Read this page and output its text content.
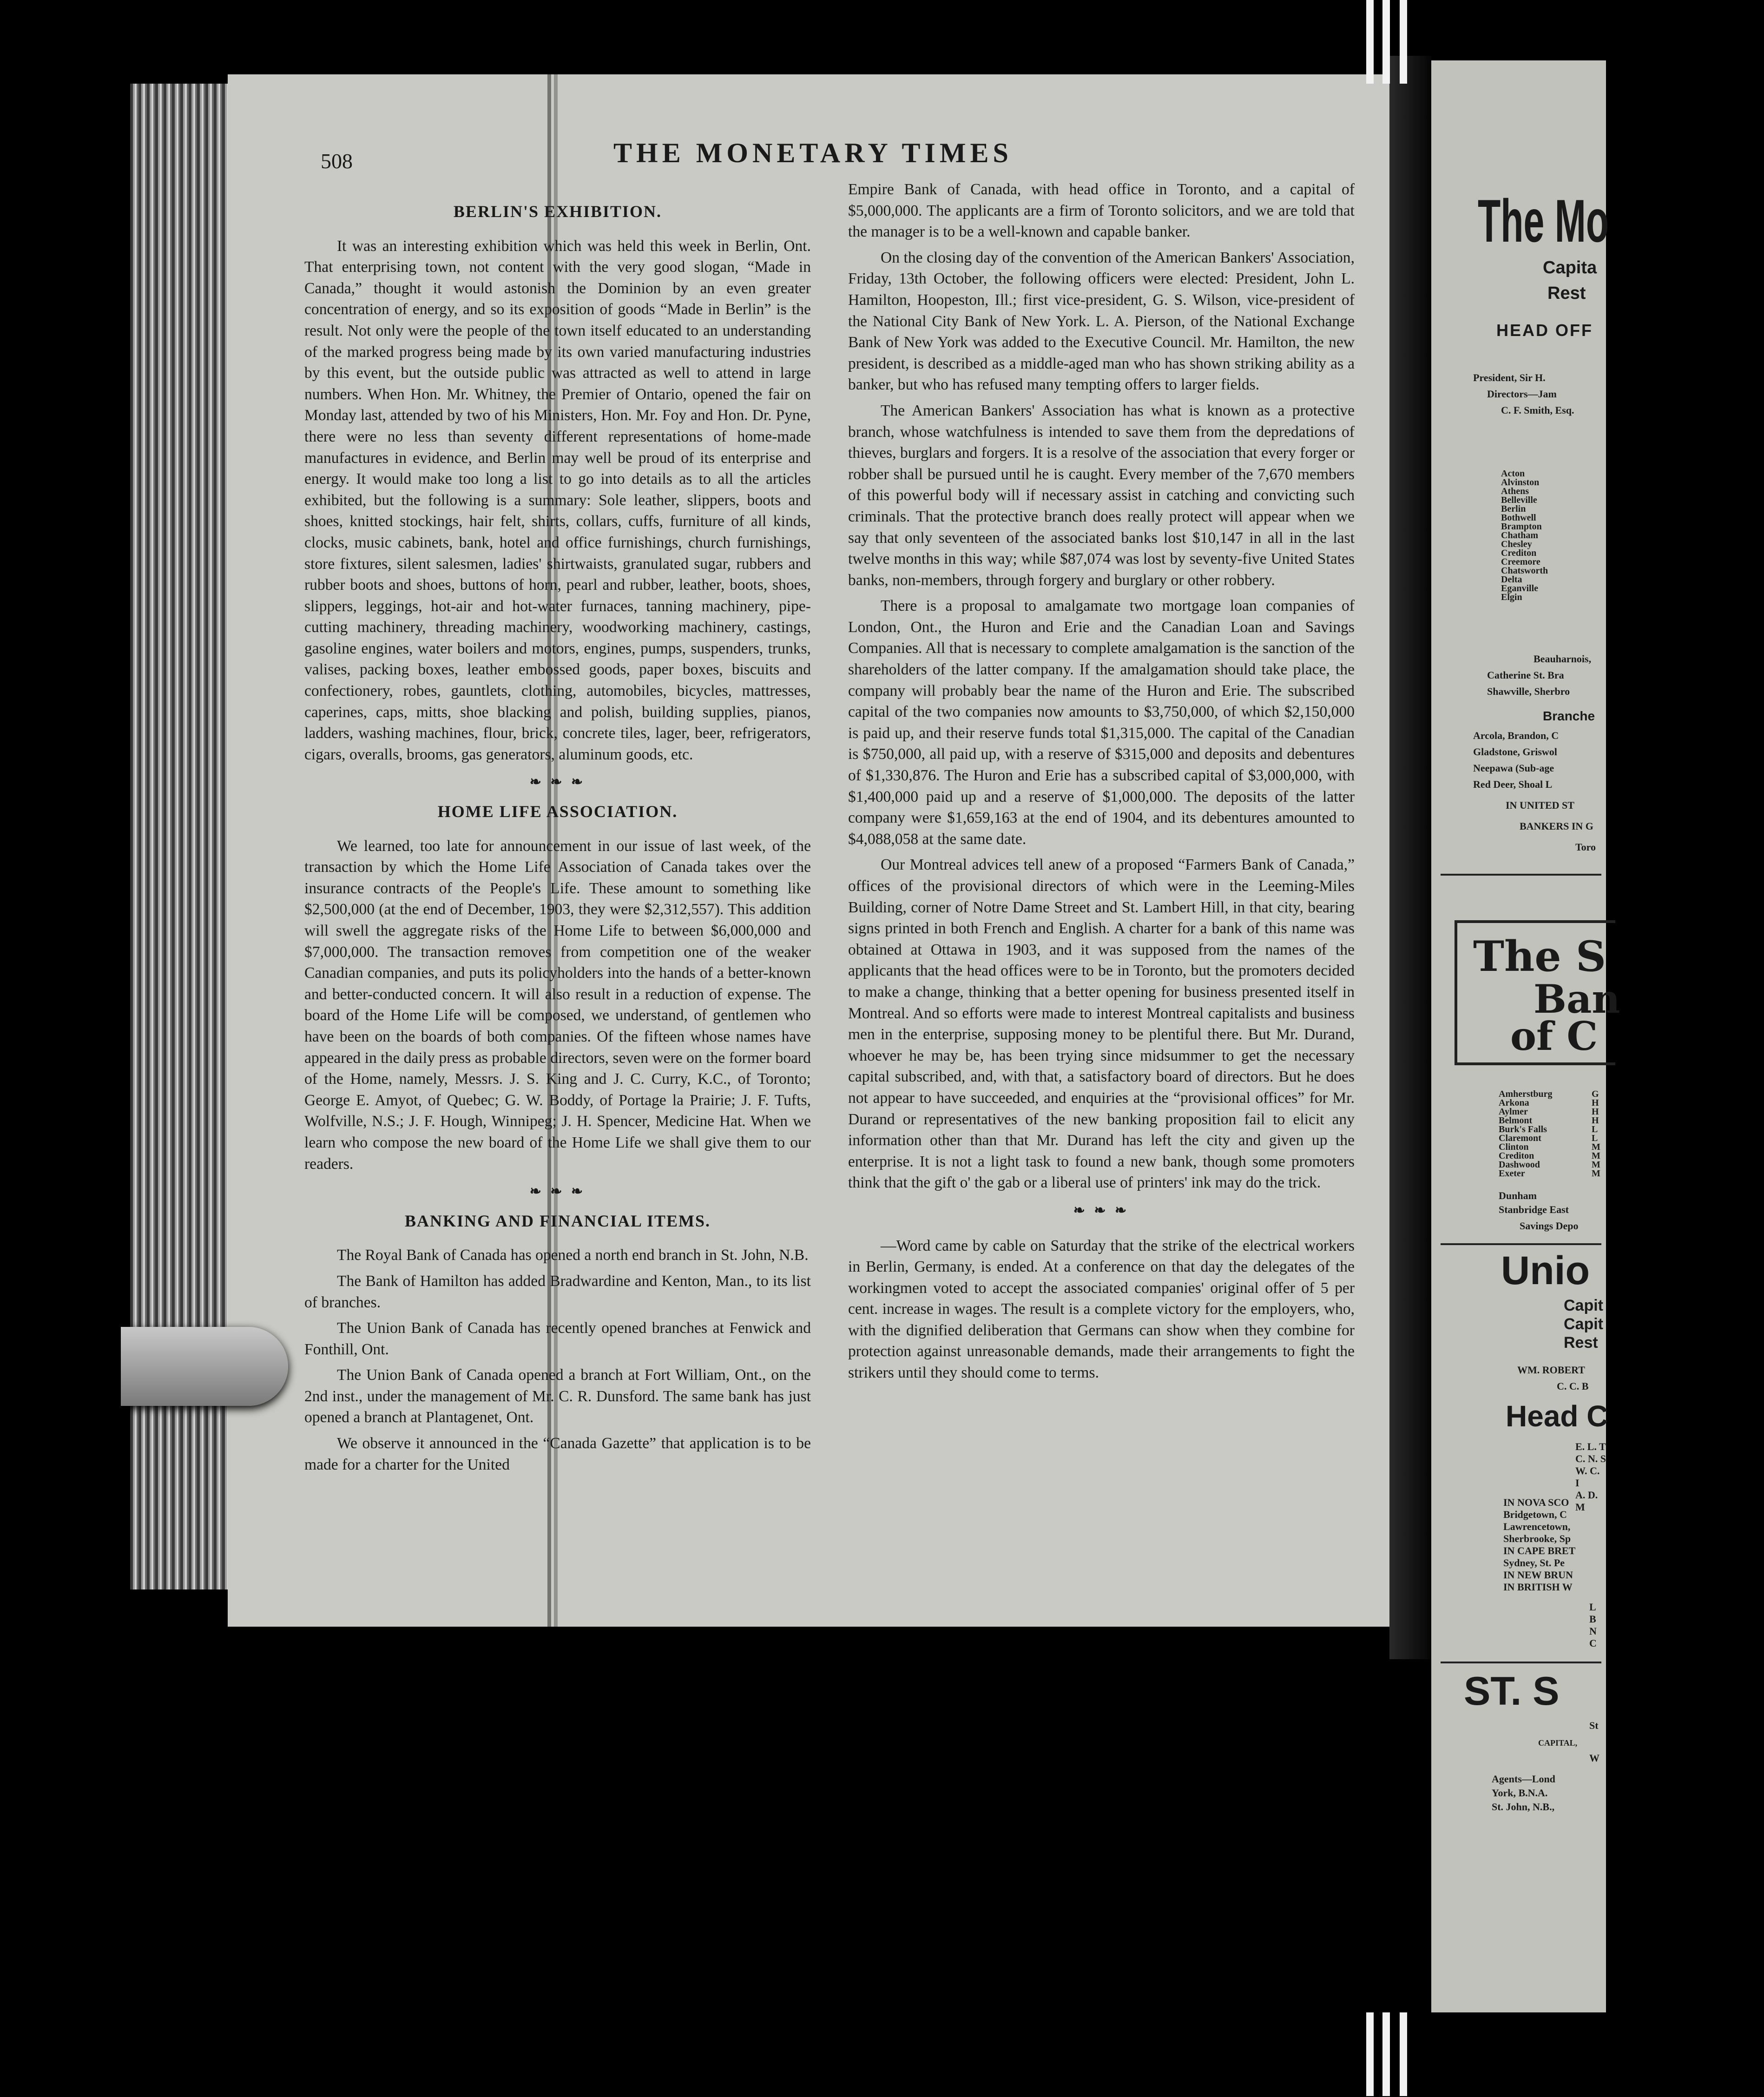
508	THE MONETARY TIMES
BERLIN'S EXHIBITION.

It was an interesting exhibition which was held this week in Berlin, Ont. That enterprising town, not content with the very good slogan, “Made in Canada,” thought it would astonish the Dominion by an even greater concentration of energy, and so its exposition of goods “Made in Berlin” is the result. Not only were the people of the town itself educated to an understanding of the marked progress being made by its own varied manufacturing industries by this event, but the outside public was attracted as well to attend in large numbers. When Hon. Mr. Whitney, the Premier of Ontario, opened the fair on Monday last, attended by two of his Ministers, Hon. Mr. Foy and Hon. Dr. Pyne, there were no less than seventy different representations of home-made manufactures in evidence, and Berlin may well be proud of its enterprise and energy. It would make too long a list to go into details as to all the articles exhibited, but the following is a summary: Sole leather, slippers, boots and shoes, knitted stockings, hair felt, shirts, collars, cuffs, furniture of all kinds, clocks, music cabinets, bank, hotel and office furnishings, church furnishings, store fixtures, silent salesmen, ladies' shirtwaists, granulated sugar, rubbers and rubber boots and shoes, buttons of horn, pearl and rubber, leather, boots, shoes, slippers, leggings, hot-air and hot-water furnaces, tanning machinery, pipe-cutting machinery, threading machinery, woodworking machinery, castings, gasoline engines, water boilers and motors, engines, pumps, suspenders, trunks, valises, packing boxes, leather embossed goods, paper boxes, biscuits and confectionery, robes, gauntlets, clothing, automobiles, bicycles, mattresses, caperines, caps, mitts, shoe blacking and polish, building supplies, pianos, ladders, washing machines, flour, brick, concrete tiles, lager, beer, refrigerators, cigars, overalls, brooms, gas generators, aluminum goods, etc.

❧ ❧ ❧
HOME LIFE ASSOCIATION.

We learned, too late for announcement in our issue of last week, of the transaction by which the Home Life Association of Canada takes over the insurance contracts of the People's Life. These amount to something like $2,500,000 (at the end of December, 1903, they were $2,312,557). This addition will swell the aggregate risks of the Home Life to between $6,000,000 and $7,000,000. The transaction removes from competition one of the weaker Canadian companies, and puts its policyholders into the hands of a better-known and better-conducted concern. It will also result in a reduction of expense. The board of the Home Life will be composed, we understand, of gentlemen who have been on the boards of both companies. Of the fifteen whose names have appeared in the daily press as probable directors, seven were on the former board of the Home, namely, Messrs. J. S. King and J. C. Curry, K.C., of Toronto; George E. Amyot, of Quebec; G. W. Boddy, of Portage la Prairie; J. F. Tufts, Wolfville, N.S.; J. F. Hough, Winnipeg; J. H. Spencer, Medicine Hat. When we learn who compose the new board of the Home Life we shall give them to our readers.

❧ ❧ ❧
BANKING AND FINANCIAL ITEMS.

The Royal Bank of Canada has opened a north end branch in St. John, N.B.

The Bank of Hamilton has added Bradwardine and Kenton, Man., to its list of branches.

The Union Bank of Canada has recently opened branches at Fenwick and Fonthill, Ont.

The Union Bank of Canada opened a branch at Fort William, Ont., on the 2nd inst., under the management of Mr. C. R. Dunsford. The same bank has just opened a branch at Plantagenet, Ont.

We observe it announced in the “Canada Gazette” that application is to be made for a charter for the United

Empire Bank of Canada, with head office in Toronto, and a capital of $5,000,000. The applicants are a firm of Toronto solicitors, and we are told that the manager is to be a well-known and capable banker.

On the closing day of the convention of the American Bankers' Association, Friday, 13th October, the following officers were elected: President, John L. Hamilton, Hoopeston, Ill.; first vice-president, G. S. Wilson, vice-president of the National City Bank of New York. L. A. Pierson, of the National Exchange Bank of New York was added to the Executive Council. Mr. Hamilton, the new president, is described as a middle-aged man who has shown striking ability as a banker, but who has refused many tempting offers to larger fields.

The American Bankers' Association has what is known as a protective branch, whose watchfulness is intended to save them from the depredations of thieves, burglars and forgers. It is a resolve of the association that every forger or robber shall be pursued until he is caught. Every member of the 7,670 members of this powerful body will if necessary assist in catching and convicting such criminals. That the protective branch does really protect will appear when we say that only seventeen of the associated banks lost $10,147 in all in the last twelve months in this way; while $87,074 was lost by seventy-five United States banks, non-members, through forgery and burglary or other robbery.

There is a proposal to amalgamate two mortgage loan companies of London, Ont., the Huron and Erie and the Canadian Loan and Savings Companies. All that is necessary to complete amalgamation is the sanction of the shareholders of the latter company. If the amalgamation should take place, the company will probably bear the name of the Huron and Erie. The subscribed capital of the two companies now amounts to $3,750,000, of which $2,150,000 is paid up, and their reserve funds total $1,315,000. The capital of the Canadian is $750,000, all paid up, with a reserve of $315,000 and deposits and debentures of $1,330,876. The Huron and Erie has a subscribed capital of $3,000,000, with $1,400,000 paid up and a reserve of $1,000,000. The deposits of the latter company were $1,659,163 at the end of 1904, and its debentures amounted to $4,088,058 at the same date.

Our Montreal advices tell anew of a proposed “Farmers Bank of Canada,” offices of the provisional directors of which were in the Leeming-Miles Building, corner of Notre Dame Street and St. Lambert Hill, in that city, bearing signs printed in both French and English. A charter for a bank of this name was obtained at Ottawa in 1903, and it was supposed from the names of the applicants that the head offices were to be in Toronto, but the promoters decided to make a change, thinking that a better opening for business presented itself in Montreal. And so efforts were made to interest Montreal capitalists and business men in the enterprise, supposing money to be plentiful there. But Mr. Durand, whoever he may be, has been trying since midsummer to get the necessary capital subscribed, and, with that, a satisfactory board of directors. But he does not appear to have succeeded, and enquiries at the “provisional offices” for Mr. Durand or representatives of the new banking proposition fail to elicit any information other than that Mr. Durand has left the city and given up the enterprise. It is not a light task to found a new bank, though some promoters think that the gift o' the gab or a liberal use of printers' ink may do the trick.

❧ ❧ ❧

—Word came by cable on Saturday that the strike of the electrical workers in Berlin, Germany, is ended. At a conference on that day the delegates of the workingmen voted to accept the associated companies' original offer of 5 per cent. increase in wages. The result is a complete victory for the employers, who, with the dignified deliberation that Germans can show when they combine for protection against unreasonable demands, made their arrangements to fight the strikers until they should come to terms.

The Mo
Capita
Rest
HEAD OFF
President, Sir H.
Directors—Jam
C. F. Smith, Esq.
Acton
Alvinston
Athens
Belleville
Berlin
Bothwell
Brampton
Chatham
Chesley
Crediton
Creemore
Chatsworth
Delta
Eganville
Elgin
Beauharnois,
Catherine St. Bra
Shawville, Sherbro
Branche
Arcola, Brandon, C
Gladstone, Griswol
Neepawa (Sub-age
Red Deer, Shoal L
IN UNITED ST
BANKERS IN G
Toro
The S
Ban
of C
Amherstburg
Arkona
Aylmer
Belmont
Burk's Falls
Claremont
Clinton
Crediton
Dashwood
Exeter
G
H
H
H
L
L
M
M
M
M
Dunham
Stanbridge East
Savings Depo
Unio
Capit
Capit
Rest
WM. ROBERT
C. C. B
Head C
E. L. T
C. N. S
W. C. I
A. D. M
IN NOVA SCO
Bridgetown, C
Lawrencetown,
Sherbrooke, Sp
IN CAPE BRET
Sydney, St. Pe
IN NEW BRUN
IN BRITISH W
L
B
N
C
ST. S
St
CAPITAL,
W
Agents—Lond
York, B.N.A.
St. John, N.B.,
